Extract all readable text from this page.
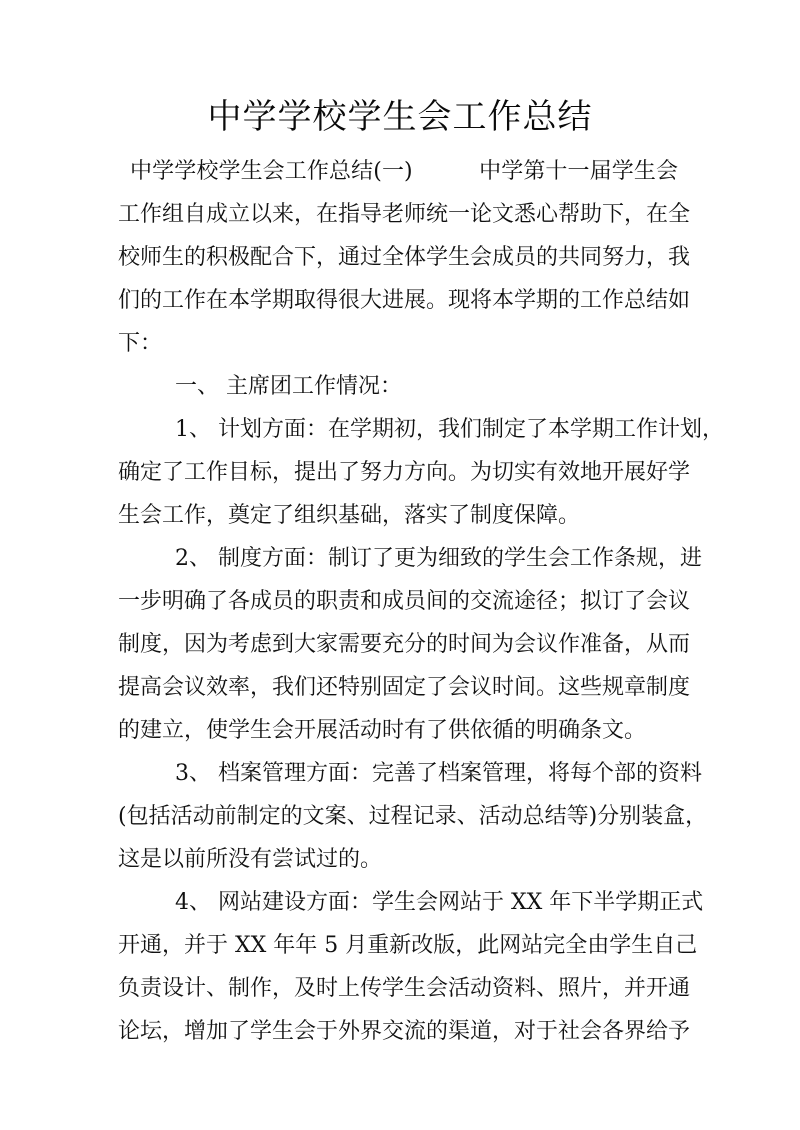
中学学校学生会工作总结
中学学校学生会工作总结(一)　　　中学第十一届学生会
工作组自成立以来，在指导老师统一论文悉心帮助下，在全
校师生的积极配合下，通过全体学生会成员的共同努力，我
们的工作在本学期取得很大进展。现将本学期的工作总结如
下：
一、 主席团工作情况：
1、 计划方面：在学期初，我们制定了本学期工作计划，
确定了工作目标，提出了努力方向。为切实有效地开展好学
生会工作，奠定了组织基础，落实了制度保障。
2、 制度方面：制订了更为细致的学生会工作条规，进
一步明确了各成员的职责和成员间的交流途径；拟订了会议
制度，因为考虑到大家需要充分的时间为会议作准备，从而
提高会议效率，我们还特别固定了会议时间。这些规章制度
的建立，使学生会开展活动时有了供依循的明确条文。
3、 档案管理方面：完善了档案管理，将每个部的资料
(包括活动前制定的文案、过程记录、活动总结等)分别装盒，
这是以前所没有尝试过的。
4、 网站建设方面：学生会网站于 XX 年下半学期正式
开通，并于 XX 年年 5 月重新改版，此网站完全由学生自己
负责设计、制作，及时上传学生会活动资料、照片，并开通
论坛，增加了学生会于外界交流的渠道，对于社会各界给予
